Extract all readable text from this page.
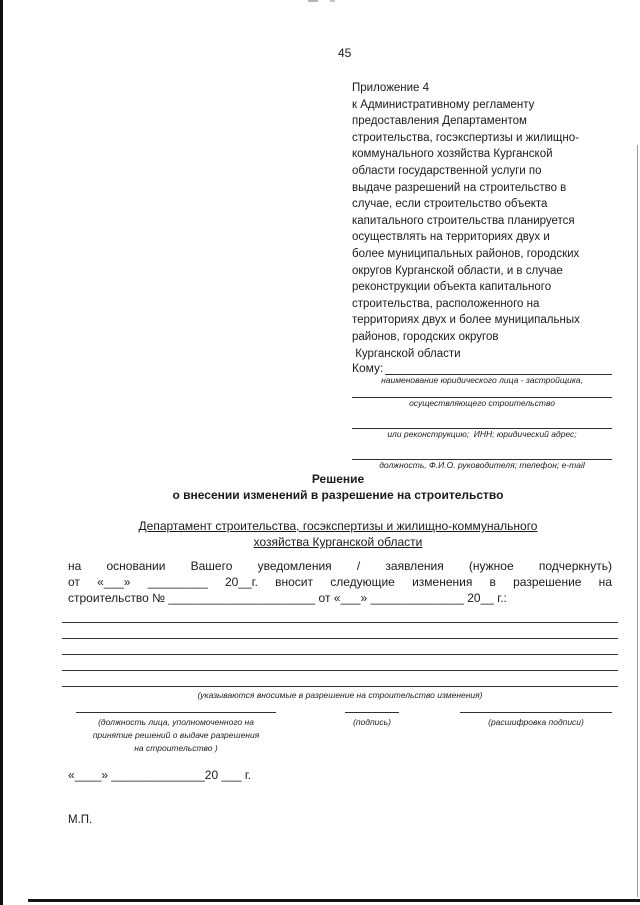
45
Приложение 4
к Административному регламенту
предоставления Департаментом
строительства, госэкспертизы и жилищно-
коммунального хозяйства Курганской
области государственной услуги по
выдаче разрешений на строительство в
случае, если строительство объекта
капитального строительства планируется
осуществлять на территориях двух и
более муниципальных районов, городских
округов Курганской области, и в случае
реконструкции объекта капитального
строительства, расположенного на
территориях двух и более муниципальных
районов, городских округов
Курганской области
Кому:
наименование юридического лица - застройщика,
осуществляющего строительство
или реконструкцию;  ИНН; юридический адрес;
должность, Ф.И.О. руководителя; телефон; e-mail
Решение
о внесении изменений в разрешение на строительство
Департамент строительства, госэкспертизы и жилищно-коммунального
хозяйства Курганской области
на основании Вашего уведомления / заявления (нужное подчеркнуть)
от «___» _________ 20__г. вносит следующие изменения в разрешение на
строительство № ______________________ от «___» ______________ 20__ г.:
(указываются вносимые в разрешение на строительство изменения)
(должность лица, уполномоченного на
принятие решений о выдаче разрешения
на строительство )
(подпись)	(расшифровка подписи)
«____» ______________20 ___ г.
М.П.
